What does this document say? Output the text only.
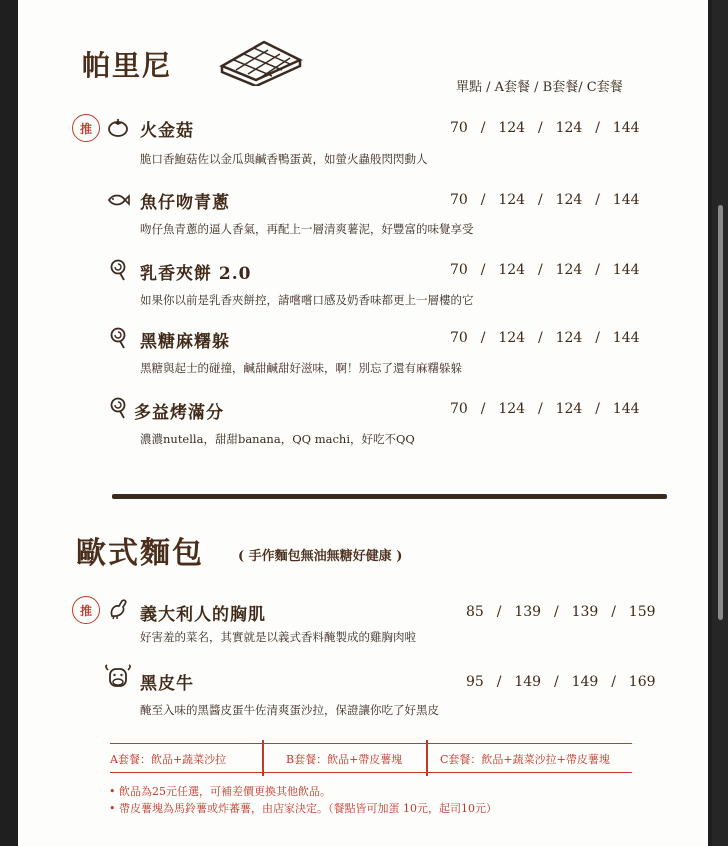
帕里尼
單點 / A套餐 / B套餐/ C套餐
推	火金菇	70  /  124  /  124  /  144
脆口香鮑菇佐以金瓜與鹹香鴨蛋黃，如螢火蟲般閃閃動人
魚仔吻青蔥	70  /  124  /  124  /  144
吻仔魚青蔥的逼人香氣，再配上一層清爽薯泥，好豐富的味覺享受
乳香夾餅 2.0	70  /  124  /  124  /  144
如果你以前是乳香夾餅控，請嚐嚐口感及奶香味都更上一層樓的它
黑糖麻糬躲	70  /  124  /  124  /  144
黑糖與起士的碰撞，鹹甜鹹甜好滋味，啊！別忘了還有麻糬躲躲
多益烤滿分	70  /  124  /  124  /  144
濃濃nutella，甜甜banana，QQ machi，好吃不QQ
歐式麵包	( 手作麵包無油無糖好健康 )
推	義大利人的胸肌	85  /  139  /  139  /  159
好害羞的菜名，其實就是以義式香料醃製成的雞胸肉啦
黑皮牛	95  /  149  /  149  /  169
醃至入味的黑醬皮蛋牛佐清爽蛋沙拉，保證讓你吃了好黑皮
A套餐：飲品+蔬菜沙拉	B套餐：飲品+帶皮薯塊	C套餐：飲品+蔬菜沙拉+帶皮薯塊
• 飲品為25元任選，可補差價更換其他飲品。
• 帶皮薯塊為馬鈴薯或炸蕃薯，由店家決定。（餐點皆可加蛋 10元，起司10元）
